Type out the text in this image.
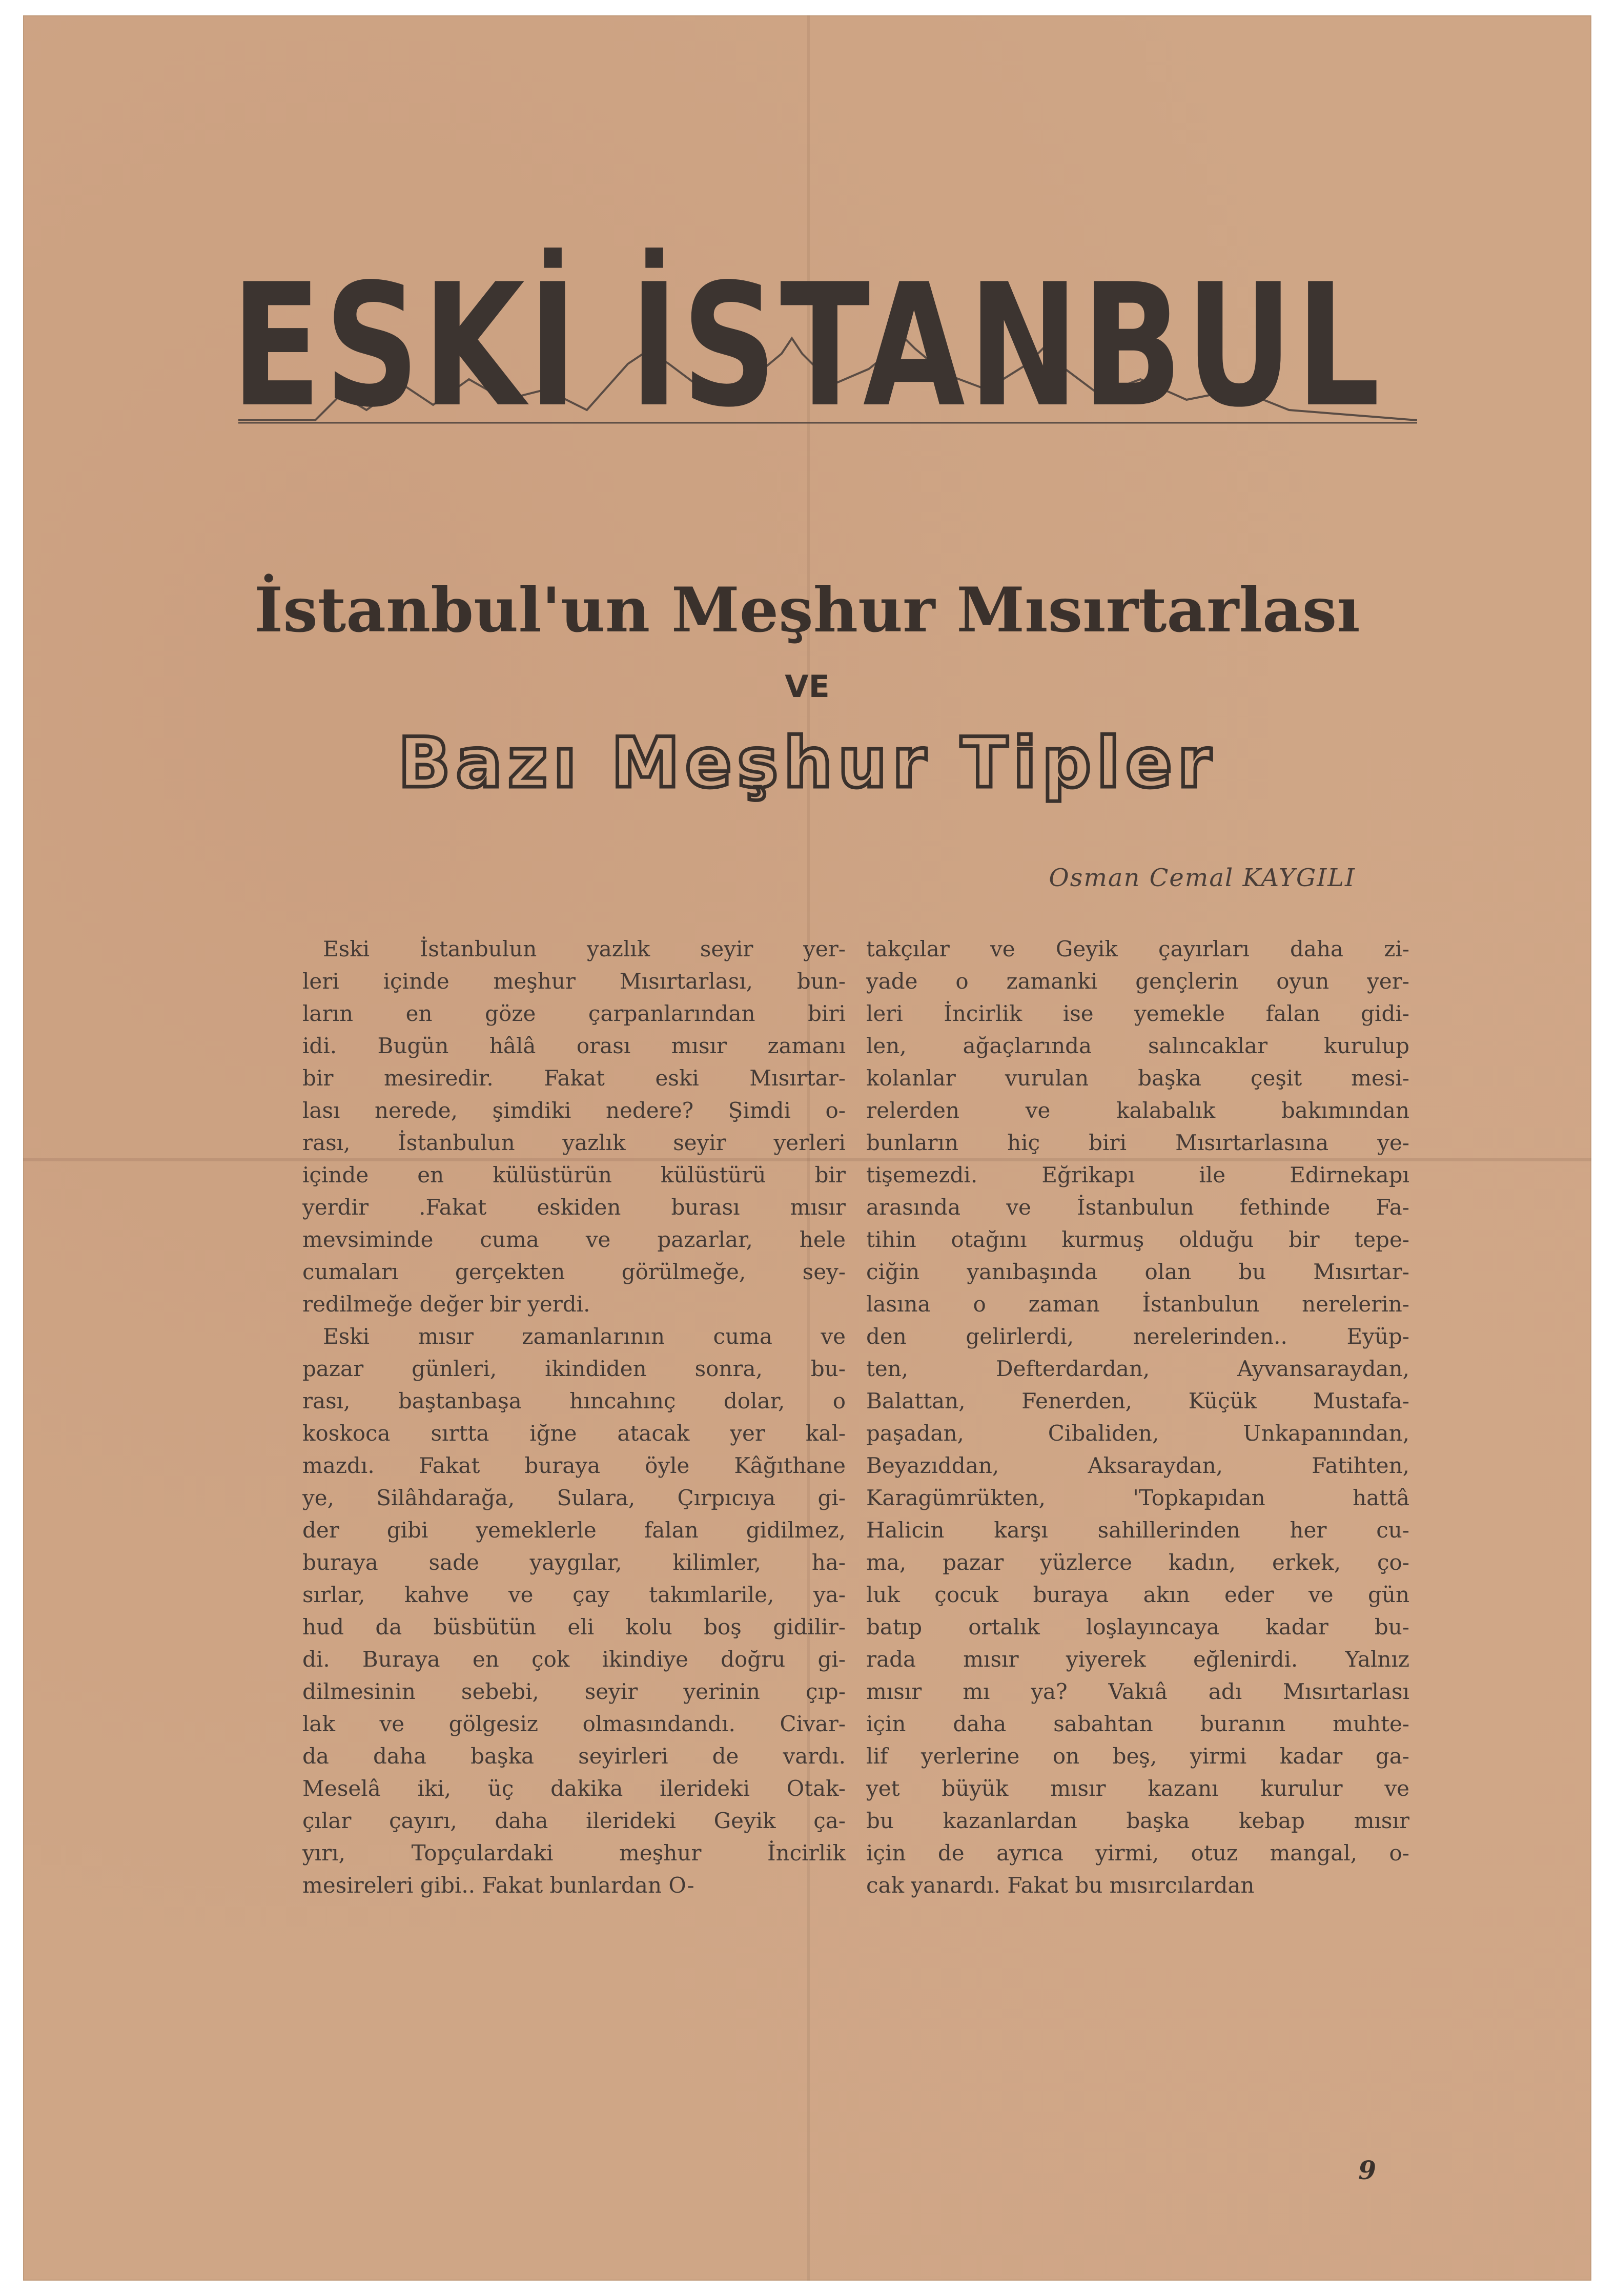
ESKİ İSTANBUL
İstanbul'un Meşhur Mısırtarlası
VE
Bazı Meşhur Tipler
Osman Cemal KAYGILI
Eski İstanbulun yazlık seyir yer-
leri içinde meşhur Mısırtarlası, bun-
ların en göze çarpanlarından biri
idi. Bugün hâlâ orası mısır zamanı
bir mesiredir. Fakat eski Mısırtar-
lası nerede, şimdiki nedere? Şimdi o-
rası, İstanbulun yazlık seyir yerleri
içinde en külüstürün külüstürü bir
yerdir .Fakat eskiden burası mısır
mevsiminde cuma ve pazarlar, hele
cumaları gerçekten görülmeğe, sey-
redilmeğe değer bir yerdi.
Eski mısır zamanlarının cuma ve
pazar günleri, ikindiden sonra, bu-
rası, baştanbaşa hıncahınç dolar, o
koskoca sırtta iğne atacak yer kal-
mazdı. Fakat buraya öyle Kâğıthane
ye, Silâhdarağa, Sulara, Çırpıcıya gi-
der gibi yemeklerle falan gidilmez,
buraya sade yaygılar, kilimler, ha-
sırlar, kahve ve çay takımlarile, ya-
hud da büsbütün eli kolu boş gidilir-
di. Buraya en çok ikindiye doğru gi-
dilmesinin sebebi, seyir yerinin çıp-
lak ve gölgesiz olmasındandı. Civar-
da daha başka seyirleri de vardı.
Meselâ iki, üç dakika ilerideki Otak-
çılar çayırı, daha ilerideki Geyik ça-
yırı, Topçulardaki meşhur İncirlik
mesireleri gibi.. Fakat bunlardan O-
takçılar ve Geyik çayırları daha zi-
yade o zamanki gençlerin oyun yer-
leri İncirlik ise yemekle falan gidi-
len, ağaçlarında salıncaklar kurulup
kolanlar vurulan başka çeşit mesi-
relerden ve kalabalık bakımından
bunların hiç biri Mısırtarlasına ye-
tişemezdi. Eğrikapı ile Edirnekapı
arasında ve İstanbulun fethinde Fa-
tihin otağını kurmuş olduğu bir tepe-
ciğin yanıbaşında olan bu Mısırtar-
lasına o zaman İstanbulun nerelerin-
den gelirlerdi, nerelerinden.. Eyüp-
ten, Defterdardan, Ayvansaraydan,
Balattan, Fenerden, Küçük Mustafa-
paşadan, Cibaliden, Unkapanından,
Beyazıddan, Aksaraydan, Fatihten,
Karagümrükten, 'Topkapıdan hattâ
Halicin karşı sahillerinden her cu-
ma, pazar yüzlerce kadın, erkek, ço-
luk çocuk buraya akın eder ve gün
batıp ortalık loşlayıncaya kadar bu-
rada mısır yiyerek eğlenirdi. Yalnız
mısır mı ya? Vakıâ adı Mısırtarlası
için daha sabahtan buranın muhte-
lif yerlerine on beş, yirmi kadar ga-
yet büyük mısır kazanı kurulur ve
bu kazanlardan başka kebap mısır
için de ayrıca yirmi, otuz mangal, o-
cak yanardı. Fakat bu mısırcılardan
9
